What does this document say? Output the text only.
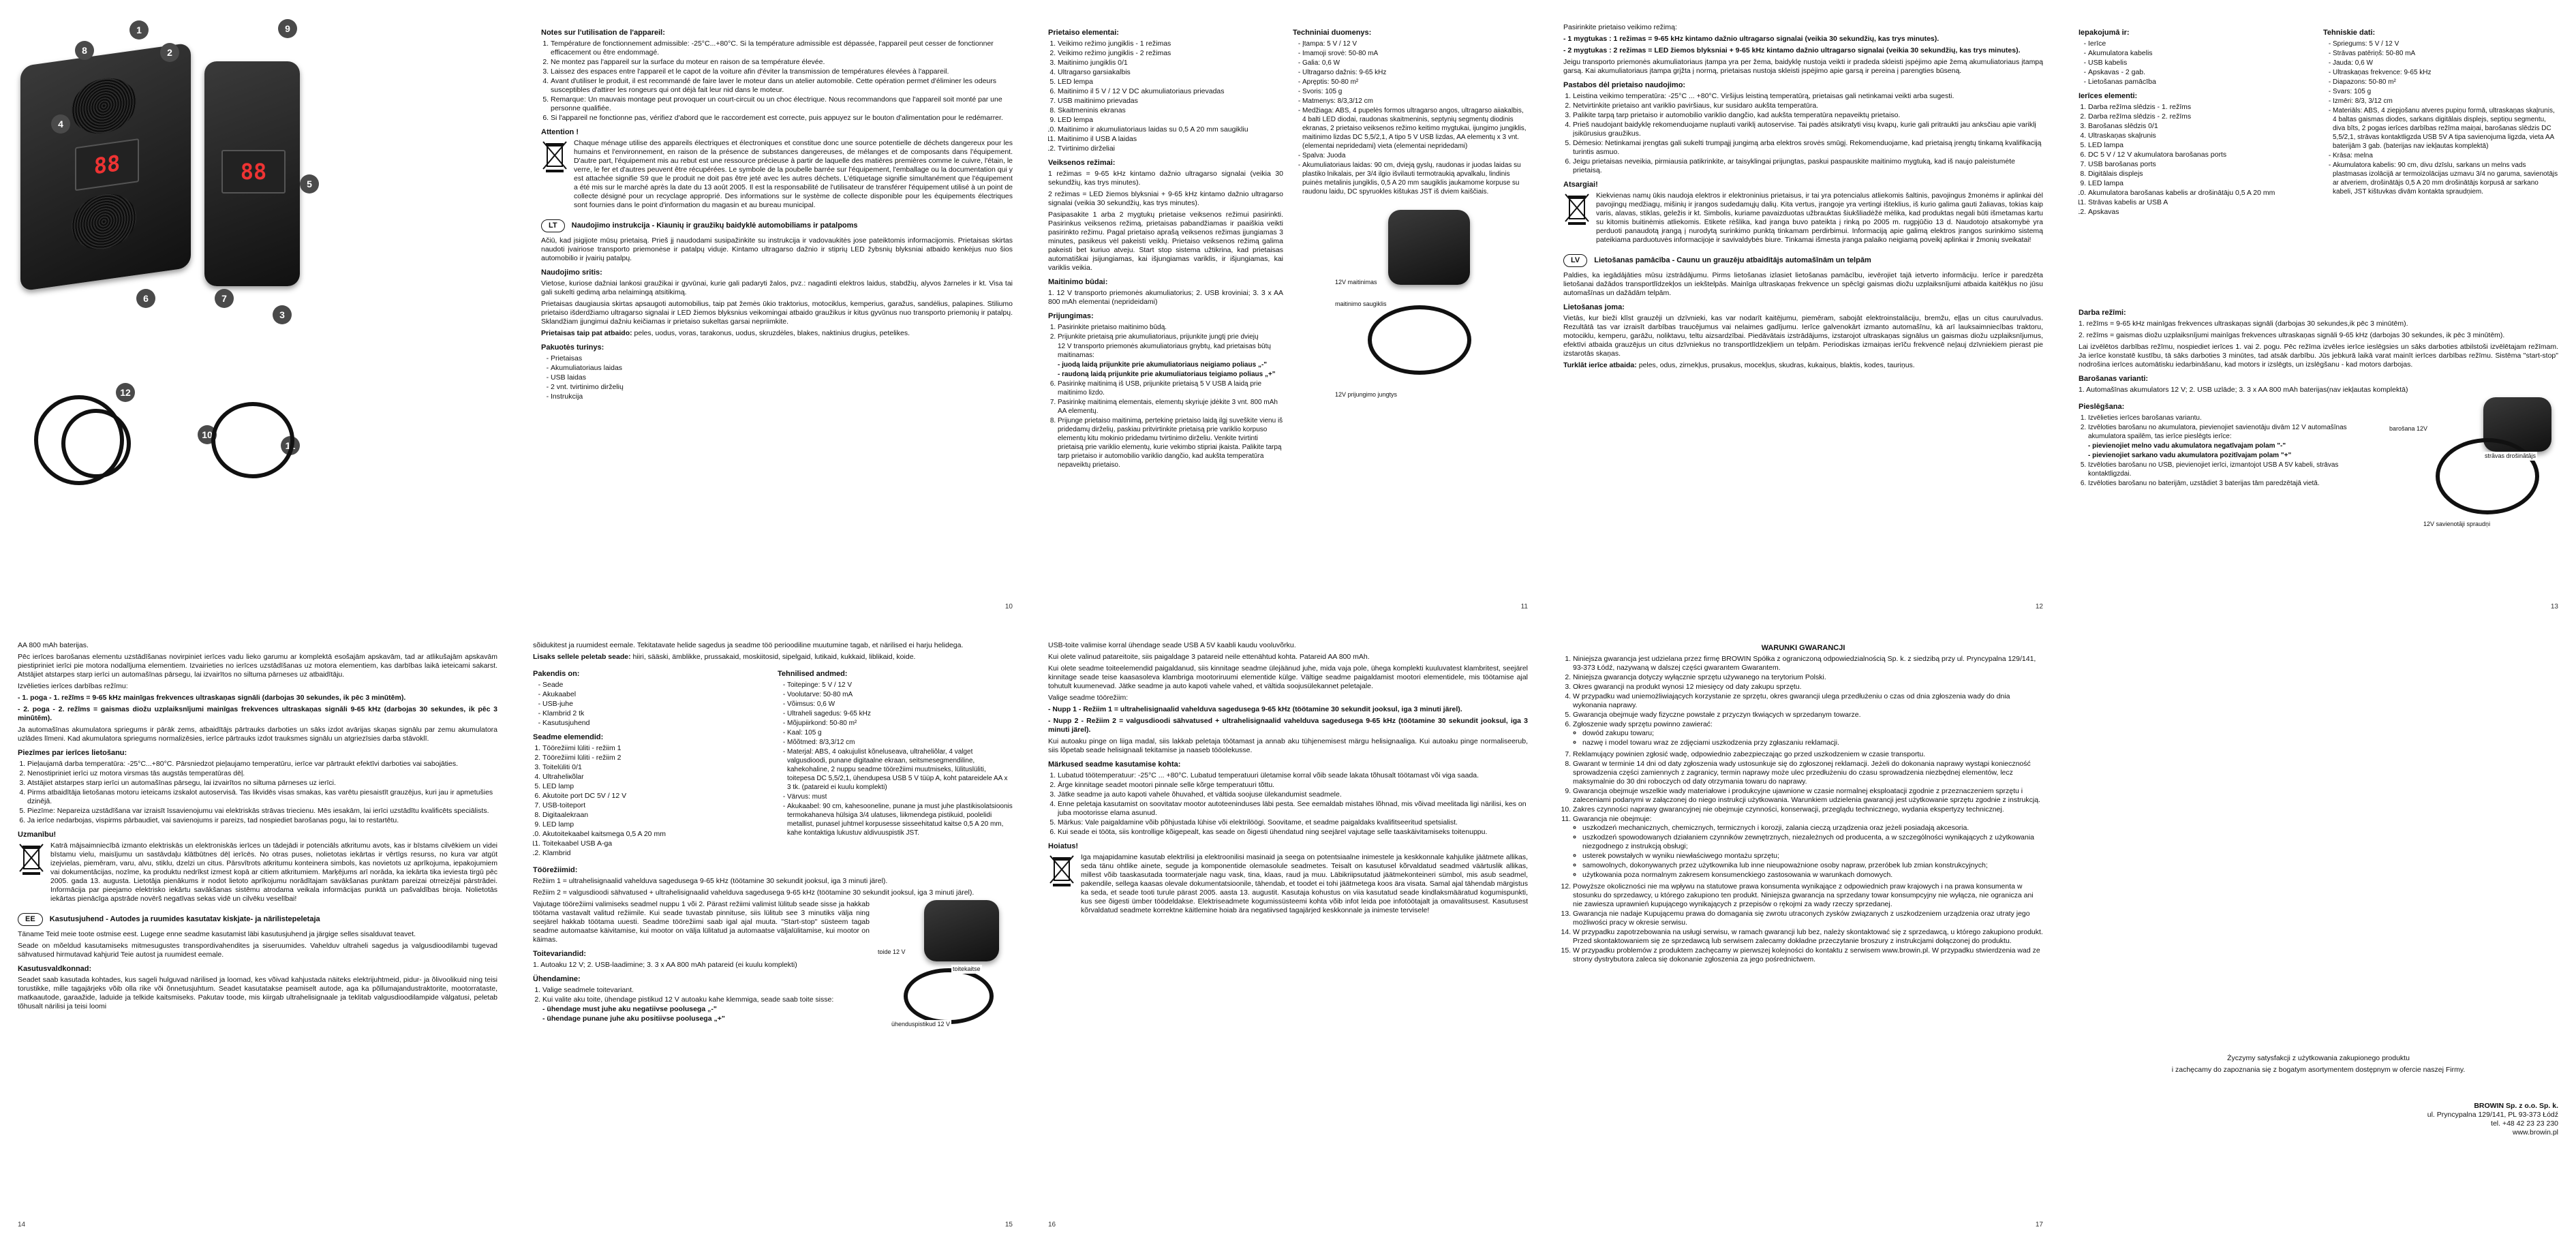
88
1
2
8
4
6
12
10
88
9
7
3
11
5
Notes sur l'utilisation de l'appareil:
1. Température de fonctionnement admissible: -25°C...+80°C. Si la température admissible est dépassée, l'appareil peut cesser de fonctionner efficacement ou être endommagé.
2. Ne montez pas l'appareil sur la surface du moteur en raison de sa température élevée.
3. Laissez des espaces entre l'appareil et le capot de la voiture afin d'éviter la transmission de températures élevées à l'appareil.
4. Avant d'utiliser le produit, il est recommandé de faire laver le moteur dans un atelier automobile. Cette opération permet d'éliminer les odeurs susceptibles d'attirer les rongeurs qui ont déjà fait leur nid dans le moteur.
5. Remarque: Un mauvais montage peut provoquer un court-circuit ou un choc électrique. Nous recommandons que l'appareil soit monté par une personne qualifiée.
6. Si l'appareil ne fonctionne pas, vérifiez d'abord que le raccordement est correcte, puis appuyez sur le bouton d'alimentation pour le redémarrer.
Attention !

Chaque ménage utilise des appareils électriques et électroniques et constitue donc une source potentielle de déchets dangereux pour les humains et l'environnement, en raison de la présence de substances dangereuses, de mélanges et de composants dans l'équipement. D'autre part, l'équipement mis au rebut est une ressource précieuse à partir de laquelle des matières premières comme le cuivre, l'étain, le verre, le fer et d'autres peuvent être récupérées. Le symbole de la poubelle barrée sur l'équipement, l'emballage ou la documentation qui y est attachée signifie S9 que le produit ne doit pas être jeté avec les autres déchets. L'étiquetage signifie simultanément que l'équipement a été mis sur le marché après la date du 13 août 2005. Il est la responsabilité de l'utilisateur de transférer l'équipement utilisé à un point de collecte désigné pour un recyclage approprié. Des informations sur le système de collecte disponible pour les équipements électriques sont fournies dans le point d'information du magasin et au bureau municipal.

LT	Naudojimo instrukcija - Kiaunių ir graužikų baidyklė automobiliams ir patalpoms

Ačiū, kad įsigijote mūsų prietaisą. Prieš jį naudodami susipažinkite su instrukcija ir vadovaukitės jose pateiktomis informacijomis. Prietaisas skirtas naudoti įvairiose transporto priemonėse ir patalpų viduje. Kintamo ultragarso dažnio ir stiprių LED žybsnių blyksniai atbaido kenkėjus nuo šios automobilio ir įvairių patalpų.

Naudojimo sritis:

Vietose, kuriose dažniai lankosi graužikai ir gyvūnai, kurie gali padaryti žalos, pvz.: nagadinti elektros laidus, stabdžių, alyvos žarneles ir kt. Visa tai gali sukelti gedimą arba nelaimingą atsitikimą.

Prietaisas daugiausia skirtas apsaugoti automobilius, taip pat žemės ūkio traktorius, motociklus, kemperius, garažus, sandėlius, palapines. Stiliumo prietaiso išderdžiamo ultragarso signalai ir LED žiemos blyksnius veikomingai atbaido graužikus ir kitus gyvūnus nuo transporto priemonių ir patalpų. Sklandžiam įjungimui dažniu keičiamas ir prietaiso sukeltas garsai nepriimkite.

Prietaisas taip pat atbaido: peles, uodus, voras, tarakonus, uodus, skruzdėles, blakes, naktinius drugius, petelikes.

Pakuotės turinys:
- Prietaisas
- Akumuliatoriaus laidas
- USB laidas
- 2 vnt. tvirtinimo dirželių
- Instrukcija
10
Prietaiso elementai:
1. Veikimo režimo jungiklis - 1 režimas
2. Veikimo režimo jungiklis - 2 režimas
3. Maitinimo jungiklis 0/1
4. Ultragarso garsiakalbis
5. LED lempa
6. Maitinimo il 5 V / 12 V DC akumuliatoriaus prievadas
7. USB maitinimo prievadas
8. Skaitmeninis ekranas
9. LED lempa
10. Maitinimo ir akumuliatoriaus laidas su 0,5 A 20 mm saugikliu
11. Maitinimo il USB A laidas
12. Tvirtinimo dirželiai
Veiksenos režimai:

1 režimas = 9-65 kHz kintamo dažnio ultragarso signalai (veikia 30 sekundžių, kas trys minutes).

2 režimas = LED žiemos blyksniai + 9-65 kHz kintamo dažnio ultragarso signalai (veikia 30 sekundžių, kas trys minutes).

Pasipasakite 1 arba 2 mygtukų prietaise veiksenos režimui pasirinkti. Pasirinkus veiksenos režimą, prietaisas pabandžiamas ir paaiškia veikti pasirinkto režimu. Pagal prietaiso aprašą veiksenos režimas įjungiamas 3 minutes, pasikeus vėl pakeisti veiklų. Prietaiso veiksenos režimą galima pakeisti bet kuriuo atveju. Start stop sistema užtikrina, kad prietaisas automatiškai įsijungiamas, kai išjungiamas variklis, ir išjungiamas, kai variklis veikia.

Maitinimo būdai:

1. 12 V transporto priemonės akumuliatorius; 2. USB kroviniai; 3. 3 x AA 800 mAh elementai (neprideidami)

Prijungimas:
1. Pasirinkite prietaiso maitinimo būdą.
2. Prijunkite prietaisą prie akumuliatoriaus, prijunkite jungtį prie dviejų
12 V transporto priemonės akumuliatoriaus gnybtų, kad prietaisas būtų maitinamas:
- juodą laidą prijunkite prie akumuliatoriaus neigiamo poliaus „-"
- raudoną laidą prijunkite prie akumuliatoriaus teigiamo poliaus „+"
6. Pasirinkę maitinimą iš USB, prijunkite prietaisą 5 V USB A laidą prie maitinimo lizdo.
7. Pasirinkę maitinimą elementais, elementų skyriuje įdėkite 3 vnt. 800 mAh AA elementų.
8. Prijunge prietaiso maitinimą, pertekinę prietaiso laidą ilgį suveškite vienu iš pridedamų dirželių, paskiau pritvirtinkite prietaisą prie variklio korpuso elementų kitu mokinio pridedamu tvirtinimo dirželiu. Venkite tvirtinti prietaisą prie variklio elementų, kurie vekimbo stipriai įkaista. Palikite tarpą tarp prietaiso ir automobilio variklio dangčio, kad aukšta temperatūra nepaveiktų prietaiso.
Techniniai duomenys:
- Įtampa: 5 V / 12 V
- Imamoji srovė: 50-80 mA
- Galia: 0,6 W
- Ultragarso dažnis: 9-65 kHz
- Apręptis: 50-80 m²
- Svoris: 105 g
- Matmenys: 8/3,3/12 cm
- Medžiaga: ABS, 4 pupelės formos ultragarso angos, ultragarso aiiakalbis, 4 balti LED diodai, raudonas skaitmeninis, septynių segmentų diodinis ekranas, 2 prietaiso veiksenos režimo keitimo mygtukai, ijungimo jungiklis, maitinimo lizdas DC 5,5/2,1, A tipo 5 V USB lizdas, AA elementų x 3 vnt. (elementai nepridedami) vieta (elementai nepridedami)
- Spalva: Juoda
- Akumuliatoriaus laidas: 90 cm, dvieją gyslų, raudonas ir juodas laidas su plastiko lnikalais, per 3/4 ilgio išvilauti termotraukią apvalkalu, lindinis puinės metalinis jungiklis, 0,5 A 20 mm saugiklis jaukamome korpuse su raudonu laidu, DC spyruokles kištukas JST iš dviem kaiščiais.
12V maitinimas
maitinimo saugiklis
12V prijungimo jungtys
11

Pasirinkite prietaiso veikimo režimą:

- 1 mygtukas : 1 režimas = 9-65 kHz kintamo dažnio ultragarso signalai (veikia 30 sekundžių, kas trys minutes).

- 2 mygtukas : 2 režimas = LED žiemos blyksniai + 9-65 kHz kintamo dažnio ultragarso signalai (veikia 30 sekundžių, kas trys minutes).

Jeigu transporto priemonės akumuliatoriaus įtampa yra per žema, baidyklę nustoja veikti ir pradeda skleisti įspėjimo apie žemą akumuliatoriaus įtampą garsą. Kai akumuliatoriaus įtampa grįžta į normą, prietaisas nustoja skleisti įspėjimo apie garsą ir pereina į parengties būseną.

Pastabos dėl prietaiso naudojimo:
1. Leistina veikimo temperatūra: -25°C ... +80°C. Viršijus leistiną temperatūrą, prietaisas gali netinkamai veikti arba sugesti.
2. Netvirtinkite prietaiso ant variklio paviršiaus, kur susidaro aukšta temperatūra.
3. Palikite tarpą tarp prietaiso ir automobilio variklio dangčio, kad aukšta temperatūra nepaveiktų prietaiso.
4. Prieš naudojant baidyklę rekomenduojame nuplauti variklį autoservise. Tai padės atsikratyti visų kvapų, kurie gali pritraukti jau anksčiau apie variklį įsikūrusius graužikus.
5. Dėmesio: Netinkamai įrengtas gali sukelti trumpąjį jungimą arba elektros srovės smūgį. Rekomenduojame, kad prietaisą įrengtų tinkamą kvalifikaciją turintis asmuo.
6. Jeigu prietaisas neveikia, pirmiausia patikrinkite, ar taisyklingai prijungtas, paskui paspauskite maitinimo mygtuką, kad iš naujo paleistumėte prietaisą.
Atsargiai!

Kiekvienas namų ūkis naudoja elektros ir elektroninius prietaisus, ir tai yra potencialus atliekomis šaltinis, pavojingus žmonėms ir aplinkai dėl pavojingų medžiagų, mišinių ir įrangos sudedamųjų dalių. Kita vertus, įrangoje yra vertingi išteklius, iš kurio galima gauti žaliavas, tokias kaip varis, alavas, stiklas, geležis ir kt. Simbolis, kuriame pavaizduotas užbrauktas šiukšliadėžė mėlika, kad produktas negali būti išmetamas kartu su kitomis buitinėmis atliekomis. Etikete rėšlika, kad įranga buvo pateikta į rinką po 2005 m. rugpjūčio 13 d. Naudotojo atsakomybė yra perduoti panaudotą įrangą į nurodytą surinkimo punktą tinkamam perdirbimui. Informaciją apie galimą elektros įrangos surinkimo sistemą pateikiama parduotuvės informacijoje ir savivaldybės biure. Tinkamai išmesta įranga palaiko neigiamą poveikį aplinkai ir žmonių sveikatai!

LV	Lietošanas pamācība - Caunu un grauzēju atbaidītājs automašīnām un telpām

Paldies, ka iegādājāties mūsu izstrādājumu. Pirms lietošanas izlasiet lietošanas pamācību, ievērojiet tajā ietverto informāciju. Ierīce ir paredzēta lietošanai dažādos transportlīdzekļos un iekštelpās. Mainīga ultraskaņas frekvence un spēcīgi gaismas diožu uzplaiksnījumi atbaida kaitēkļus no jūsu automašīnas un dažādām telpām.

Lietošanas joma:

Vietās, kur bieži klīst grauzēji un dzīvnieki, kas var nodarīt kaitējumu, piemēram, sabojāt elektroinstalāciju, bremžu, eļļas un citus caurulvadus. Rezultātā tas var izraisīt darbības traucējumus vai nelaimes gadījumu. Ierīce galvenokārt izmanto automašīnu, kā arī lauksaimniecības traktoru, motociklu, kemperu, garāžu, noliktavu, teltu aizsardzībai. Piedāvātais izstrādājums, izstarojot ultraskaņas signālus un gaismas diožu uzplaiksnījumus, efektīvi atbaida grauzējus un citus dzīvniekus no transportlīdzekļiem un telpām. Periodiskas izmaiņas ierīču frekvencē neļauj dzīvniekiem pierast pie izstarotās skaņas.

Turklāt ierīce atbaida: peles, odus, zirnekļus, prusakus, mocekļus, skudras, kukaiņus, blaktis, kodes, tauriņus.

12
Iepakojumā ir:
- Ierīce
- Akumulatora kabelis
- USB kabelis
- Apskavas - 2 gab.
- Lietošanas pamācība
Ierīces elementi:
1. Darba režīma slēdzis - 1. režīms
2. Darba režīma slēdzis - 2. režīms
3. Barošanas slēdzis 0/1
4. Ultraskaņas skaļrunis
5. LED lampa
6. DC 5 V / 12 V akumulatora barošanas ports
7. USB barošanas ports
8. Digitālais displejs
9. LED lampa
10. Akumulatora barošanas kabelis ar drošinātāju 0,5 A 20 mm
11. Strāvas kabelis ar USB A
12. Apskavas
Tehniskie dati:
- Spriegums: 5 V / 12 V
- Strāvas patēriņš: 50-80 mA
- Jauda: 0,6 W
- Ultraskaņas frekvence: 9-65 kHz
- Diapazons: 50-80 m²
- Svars: 105 g
- Izmēri: 8/3, 3/12 cm
- Materiāls: ABS, 4 ziepjošanu atveres pupiņu formā, ultraskaņas skaļrunis, 4 baltas gaismas diodes, sarkans digitālais displejs, septiņu segmentu, diva bīts, 2 pogas ierīces darbības režīma maiņai, barošanas slēdzis DC 5,5/2,1, strāvas kontaktligzda USB 5V A tipa savienojuma ligzda, vieta AA baterijām 3 gab. (baterijas nav iekļautas komplektā)
- Krāsa: melna
- Akumulatora kabelis: 90 cm, divu dzīslu, sarkans un melns vads plastmasas izolācijā ar termoizolācijas uzmavu 3/4 no garuma, savienotājs ar atveriem, drošinātājs 0,5 A 20 mm drošinātājs korpusā ar sarkano kabeli, JST kištuvkas divām kontakta spraudņiem.
Darba režīmi:

1. režīms = 9-65 kHz mainīgas frekvences ultraskaņas signāli (darbojas 30 sekundes,ik pēc 3 minūtēm).

2. režīms = gaismas diožu uzplaiksnījumi mainīgas frekvences ultraskaņas signāli 9-65 kHz (darbojas 30 sekundes, ik pēc 3 minūtēm).

Lai izvēlētos darbības režīmu, nospiediet ierīces 1. vai 2. pogu. Pēc režīma izvēles ierīce ieslēgsies un sāks darboties atbilstoši izvēlētajam režīmam. Ja ierīce konstatē kustību, tā sāks darboties 3 minūtes, tad atsāk darbību. Jūs jebkurā laikā varat mainīt ierīces darbības režīmu. Sistēma "start-stop" nodrošina ierīces automātisku iedarbināšanu, kad motors ir izslēgts, un izslēgšanu - kad motors darbojas.

Barošanas varianti:

1. Automašīnas akumulators 12 V; 2. USB uzlāde; 3. 3 x AA 800 mAh baterijas(nav iekļautas komplektā)

Pieslēgšana:
1. Izvēlieties ierīces barošanas variantu.
2. Izvēloties barošanu no akumulatora, pievienojiet savienotāju divām 12 V automašīnas akumulatora spailēm, tas ierīce pieslēgts ierīce:
- pievienojiet melno vadu akumulatora negatīvajam polam "-"
- pievienojiet sarkano vadu akumulatora pozitīvajam polam "+"
5. Izvēloties barošanu no USB, pievienojiet ierīci, izmantojot USB A 5V kabeli, strāvas kontaktligzdai.
6. Izvēloties barošanu no baterijām, uzstādiet 3 baterijas tām paredzētajā vietā.
barošana 12V
strāvas drošinātājs
12V savienotāji spraudņi
13

AA 800 mAh baterijas.

Pēc ierīces barošanas elementu uzstādīšanas novirpiniet ierīces vadu lieko garumu ar komplektā esošajām apskavām, tad ar atlikušajām apskavām piestipriniet ierīci pie motora nodalījuma elementiem. Izvairieties no ierīces uzstādīšanas uz motora elementiem, kas darbības laikā ieteicami sakarst. Atstājiet atstarpes starp ierīci un automašīnas pārsegu, lai izvairītos no siltuma pārneses uz atbaidītāju.

Izvēlieties ierīces darbības režīmu:

- 1. poga - 1. režīms = 9-65 kHz mainīgas frekvences ultraskaņas signāli (darbojas 30 sekundes, ik pēc 3 minūtēm).

- 2. poga - 2. režīms = gaismas diožu uzplaiksnījumi mainīgas frekvences ultraskaņas signāli 9-65 kHz (darbojas 30 sekundes, ik pēc 3 minūtēm).

Ja automašīnas akumulatora spriegums ir pārāk zems, atbaidītājs pārtrauks darboties un sāks izdot avārijas skaņas signālu par zemu akumulatora uzlādes līmeni. Kad akumulatora spriegums normalizēsies, ierīce pārtrauks izdot trauksmes signālu un atgriezīsies darba stāvoklī.

Piezīmes par ierīces lietošanu:
1. Pieļaujamā darba temperatūra: -25°C...+80°C. Pārsniedzot pieļaujamo temperatūru, ierīce var pārtraukt efektīvi darboties vai sabojāties.
2. Nenostipriniet ierīci uz motora virsmas tās augstās temperatūras dēļ.
3. Atstājiet atstarpes starp ierīci un automašīnas pārsegu, lai izvairītos no siltuma pārneses uz ierīci.
4. Pirms atbaidītāja lietošanas motoru ieteicams izskalot autoservisā. Tas likvidēs visas smakas, kas varētu piesaistīt grauzējus, kuri jau ir apmetušies dzinējā.
5. Piezīme: Nepareiza uzstādīšana var izraisīt īssavienojumu vai elektriskās strāvas triecienu. Mēs iesakām, lai ierīci uzstādītu kvalificēts speciālists.
6. Ja ierīce nedarbojas, vispirms pārbaudiet, vai savienojums ir pareizs, tad nospiediet barošanas pogu, lai to restartētu.
Uzmanību!

Katrā mājsaimniecībā izmanto elektriskās un elektroniskās ierīces un tādejādi ir potenciāls atkritumu avots, kas ir bīstams cilvēkiem un videi bīstamu vielu, maisījumu un sastāvdaļu klātbūtnes dēļ ierīcēs. No otras puses, nolietotas iekārtas ir vērtīgs resurss, no kura var atgūt izejvielas, piemēram, varu, alvu, stiklu, dzelzi un citus. Pārsvītrots atkritumu konteinera simbols, kas novietots uz aprīkojuma, iepakojumiem vai dokumentācijas, nozīme, ka produktu nedrīkst izmest kopā ar citiem atkritumiem. Marķējums arī norāda, ka iekārta tika ieviesta tirgū pēc 2005. gada 13. augusta. Lietotāja pienākums ir nodot lietoto aprīkojumu norādītajam savākšanas punktam pareizai otrreizējai pārstrādei. Informācija par pieejamo elektrisko iekārtu savākšanas sistēmu atrodama veikala informācijas punktā un pašvaldības biroja. Nolietotās iekārtas pienācīga apstrāde novērš negatīvas sekas vidē un cilvēku veselībai!

EE	Kasutusjuhend - Autodes ja ruumides kasutatav kiskjate- ja närilistepeletaja

Täname Teid meie toote ostmise eest. Lugege enne seadme kasutamist läbi kasutusjuhend ja järgige selles sisalduvat teavet.

Seade on mõeldud kasutamiseks mitmesugustes transpordivahendites ja siseruumides. Vahelduv ultraheli sagedus ja valgusdioodilambi tugevad sähvatused hirmutavad kahjurid Teie autost ja ruumidest eemale.

Kasutusvaldkonnad:

Seadet saab kasutada kohtades, kus sageli hulguvad närilised ja loomad, kes võivad kahjustada näiteks elektrijuhtmeid, pidur- ja õlivoolikuid ning teisi torustikke, mille tagajärjeks võib olla rike või õnnetusjuhtum. Seadet kasutatakse peamiselt autode, aga ka põllumajandustraktorite, mootorrataste, matkaautode, garaažide, laduide ja telkide kaitsmiseks. Pakutav toode, mis kiirgab ultrahelisignaale ja teklitab valgusdioodilampide välgatusi, peletab tõhusalt närilisi ja teisi loomi

14

sõidukitest ja ruumidest eemale. Tekitatavate helide sagedus ja seadme töö perioodiline muutumine tagab, et närilised ei harju helidega.

Lisaks sellele peletab seade: hiiri, sääski, ämblikke, prussakaid, moskiitosid, sipelgaid, lutikaid, kukkaid, liblikaid, koide.

Pakendis on:
- Seade
- Akukaabel
- USB-juhe
- Klambrid 2 tk
- Kasutusjuhend
Seadme elemendid:
1. Töörežiimi lüliti - režiim 1
2. Töörežiimi lüliti - režiim 2
3. Toitelüliti 0/1
4. Ultraheliкõlar
5. LED lamp
6. Akutoite port DC 5V / 12 V
7. USB-toiteport
8. Digitaalekraan
9. LED lamp
10. Akutoitekaabel kaitsmega 0,5 A 20 mm
11. Toitekaabel USB A-ga
12. Klambrid
Tehnilised andmed:
- Toitepinge: 5 V / 12 V
- Voolutarve: 50-80 mA
- Võimsus: 0,6 W
- Ultraheli sagedus: 9-65 kHz
- Mõjupiirkond: 50-80 m²
- Kaal: 105 g
- Mõõtmed: 8/3,3/12 cm
- Materjal: ABS, 4 oakujulist kõneluseava, ultraheliõlar, 4 valget valgusdioodi, punane digitaalne ekraan, seitsmesegmendiline, kahekohaline, 2 nuppu seadme töörežiimi muutmiseks, lülituslüliti, toitepesa DC 5,5/2,1, ühendupesa USB 5 V tüüp A, koht patareidele AA x 3 tk. (patareid ei kuulu komplekti)
- Värvus: must
- Akukaabel: 90 cm, kahesooneline, punane ja must juhe plastikisolatsioonis termokahaneva hülsiga 3/4 ulatuses, liikmendega pistikuid, poolelidi metallist, punasel juhtmel korpusesse sisseehitatud kaitse 0,5 A 20 mm, kahe kontaktiga lukustuv aldivuuspistik JST.
Töörežiimid:

Režiim 1 = ultrahelisignaalid vahelduva sagedusega 9-65 kHz (töötamine 30 sekundit jooksul, iga 3 minuti järel).

Režiim 2 = valgusdioodi sähvatused + ultrahelisignaalid vahelduva sagedusega 9-65 kHz (töötamine 30 sekundit jooksul, iga 3 minuti järel).

Vajutage töörežiimi valimiseks seadmel nuppu 1 või 2. Pärast režiimi valimist lülitub seade sisse ja hakkab töötama vastavalt valitud režiimile. Kui seade tuvastab pinnituse, siis lülitub see 3 minutiks välja ning seejärel hakkab töötama uuesti. Seadme töörežiimi saab igal ajal muuta. "Start-stop" süsteem tagab seadme automaatse käivitamise, kui mootor on välja lülitatud ja automaatse väljalülitamise, kui mootor on käimas.

Toitevariandid:

1. Autoaku 12 V; 2. USB-laadimine; 3. 3 x AA 800 mAh patareid (ei kuulu komplekti)

Ühendamine:
1. Valige seadmele toitevariant.
2. Kui valite aku toite, ühendage pistikud 12 V autoaku kahe klemmiga, seade saab toite sisse:
- ühendage must juhe aku negatiivse poolusega „-"
- ühendage punane juhe aku positiivse poolusega „+"
toide 12 V
toitekaitse
ühenduspistikud 12 V
15

USB-toite valimise korral ühendage seade USB A 5V kaabli kaudu vooluvõrku.

Kui olete valinud patareitoite, siis paigaldage 3 patareid neile ettenähtud kohta. Patareid AA 800 mAh.

Kui olete seadme toiteelemendid paigaldanud, siis kinnitage seadme ülejäänud juhe, mida vaja pole, ühega komplekti kuuluvatest klambritest, seejärel kinnitage seade teise kaasasoleva klambriga mootoriruumi elementide külge. Vältige seadme paigaldamist mootori elementidele, mis töötamise ajal tohutult kuumenevad. Jätke seadme ja auto kapoti vahele vahed, et vältida soojusülekannet peletajale.

Valige seadme töörežiim:

- Nupp 1 - Režiim 1 = ultrahelisignaalid vahelduva sagedusega 9-65 kHz (töötamine 30 sekundit jooksul, iga 3 minuti järel).

- Nupp 2 - Režiim 2 = valgusdioodi sähvatused + ultrahelisignaalid vahelduva sagedusega 9-65 kHz (töötamine 30 sekundit jooksul, iga 3 minuti järel).

Kui autoaku pinge on liiga madal, siis lakkab peletaja töötamast ja annab aku tühjenemisest märgu helisignaaliga. Kui autoaku pinge normaliseerub, siis lõpetab seade helisignaali tekitamise ja naaseb tööolekusse.

Märkused seadme kasutamise kohta:
1. Lubatud töötemperatuur: -25°C ... +80°C. Lubatud temperatuuri ületamise korral võib seade lakata tõhusalt töötamast või viga saada.
2. Ärge kinnitage seadet mootori pinnale selle kõrge temperatuuri tõttu.
3. Jätke seadme ja auto kapoti vahele õhuvahed, et vältida soojuse ülekandumist seadmele.
4. Enne peletaja kasutamist on soovitatav mootor autoteeninduses läbi pesta. See eemaldab mistahes lõhnad, mis võivad meelitada ligi närilisi, kes on juba mootorisse elama asunud.
5. Märkus: Vale paigaldamine võib põhjustada lühise või elektrilöögi. Soovitame, et seadme paigaldaks kvalifitseeritud spetsialist.
6. Kui seade ei tööta, siis kontrollige kõigepealt, kas seade on õigesti ühendatud ning seejärel vajutage selle taaskäivitamiseks toitenuppu.
Hoiatus!

Iga majapidamine kasutab elektrilisi ja elektroonilisi masinaid ja seega on potentsiaalne inimestele ja keskkonnale kahjulike jäätmete allikas, seda tänu ohtlike ainete, segude ja komponentide olemasolule seadmetes. Teisalt on kasutusel kõrvaldatud seadmed väärtuslik allikas, millest võib taaskasutada toormaterjale nagu vask, tina, klaas, raud ja muu. Läbikriipsutatud jäätmekonteineri sümbol, mis asub seadmel, pakendile, sellega kaasas olevale dokumentatsioonile, tähendab, et toodet ei tohi jäätmetega koos ära visata. Samal ajal tähendab märgistus ka seda, et seade tooti turule pärast 2005. aasta 13. augustit. Kasutaja kohustus on viia kasutatud seade kindlaksmääratud kogumispunkti, kus see õigesti ümber töödeldakse. Elektriseadmete kogumissüsteemi kohta võib infot leida poe infotöötajalt ja omavalitsusest. Kasutusest kõrvaldatud seadmete korrektne käitlemine hoiab ära negatiivsed tagajärjed keskkonnale ja inimeste tervisele!

16
WARUNKI GWARANCJI
1. Niniejsza gwarancja jest udzielana przez firmę BROWIN Spółka z ograniczoną odpowiedzialnością Sp. k. z siedzibą przy ul. Pryncypalna 129/141, 93-373 Łódź, nazywaną w dalszej części gwarantem Gwarantem.
2. Niniejsza gwarancja dotyczy wyłącznie sprzętu używanego na terytorium Polski.
3. Okres gwarancji na produkt wynosi 12 miesięcy od daty zakupu sprzętu.
4. W przypadku wad uniemożliwiających korzystanie ze sprzętu, okres gwarancji ulega przedłużeniu o czas od dnia zgłoszenia wady do dnia wykonania naprawy.
5. Gwarancja obejmuje wady fizyczne powstałe z przyczyn tkwiących w sprzedanym towarze.
6. Zgłoszenie wady sprzętu powinno zawierać:
◦ dowód zakupu towaru;
◦ nazwę i model towaru wraz ze zdjęciami uszkodzenia przy zgłaszaniu reklamacji.
7. Reklamujący powinien zgłosić wadę, odpowiednio zabezpieczając go przed uszkodzeniem w czasie transportu.
8. Gwarant w terminie 14 dni od daty zgłoszenia wady ustosunkuje się do zgłoszonej reklamacji. Jeżeli do dokonania naprawy wystąpi konieczność sprowadzenia części zamiennych z zagranicy, termin naprawy może ulec przedłużeniu do czasu sprowadzenia niezbędnej elementów, lecz maksymalnie do 30 dni roboczych od daty otrzymania towaru do naprawy.
9. Gwarancja obejmuje wszelkie wady materiałowe i produkcyjne ujawnione w czasie normalnej eksploatacji zgodnie z przeznaczeniem sprzętu i zaleceniami podanymi w załączonej do niego instrukcji użytkowania. Warunkiem udzielenia gwarancji jest użytkowanie sprzętu zgodnie z instrukcją.
10. Zakres czynności naprawy gwarancyjnej nie obejmuje czynności, konserwacji, przeglądu technicznego, wydania ekspertyzy technicznej.
11. Gwarancja nie obejmuje:
◦ uszkodzeń mechanicznych, chemicznych, termicznych i korozji, zalania cieczą urządzenia oraz jeżeli posiadają akcesoria.
◦ uszkodzeń spowodowanych działaniem czynników zewnętrznych, niezależnych od producenta, a w szczególności wynikających z użytkowania niezgodnego z instrukcją obsługi;
◦ usterek powstałych w wyniku niewłaściwego montażu sprzętu;
◦ samowolnych, dokonywanych przez użytkownika lub inne nieupoważnione osoby napraw, przeróbek lub zmian konstrukcyjnych;
◦ użytkowania poza normalnym zakresem konsumenckiego zastosowania w warunkach domowych.
12. Powyższe okoliczności nie ma wpływu na statutowe prawa konsumenta wynikające z odpowiednich praw krajowych i na prawa konsumenta w stosunku do sprzedawcy, u którego zakupiono ten produkt. Niniejsza gwarancja na sprzedany towar konsumpcyjny nie wyłącza, nie ogranicza ani nie zawiesza uprawnień kupującego wynikających z przepisów o rękojmi za wady rzeczy sprzedanej.
13. Gwarancja nie nadaje Kupującemu prawa do domagania się zwrotu utraconych zysków związanych z uszkodzeniem urządzenia oraz utraty jego możliwości pracy w okresie serwisu.
14. W przypadku zapotrzebowania na usługi serwisu, w ramach gwarancji lub bez, należy skontaktować się z sprzedawcą, u którego zakupiono produkt. Przed skontaktowaniem się ze sprzedawcą lub serwisem zalecamy dokładne przeczytanie broszury z instrukcjami dołączonej do produktu.
15. W przypadku problemów z produktem zachęcamy w pierwszej kolejności do kontaktu z serwisem www.browin.pl. W przypadku stwierdzenia wad ze strony dystrybutora zaleca się dokonanie zgłoszenia za jego pośrednictwem.
17

Życzymy satysfakcji z użytkowania zakupionego produktu

i zachęcamy do zapoznania się z bogatym asortymentem dostępnym w ofercie naszej Firmy.

BROWIN Sp. z o.o. Sp. k.
ul. Pryncypalna 129/141, PL 93-373 Łódź
tel. +48 42 23 23 230
www.browin.pl
